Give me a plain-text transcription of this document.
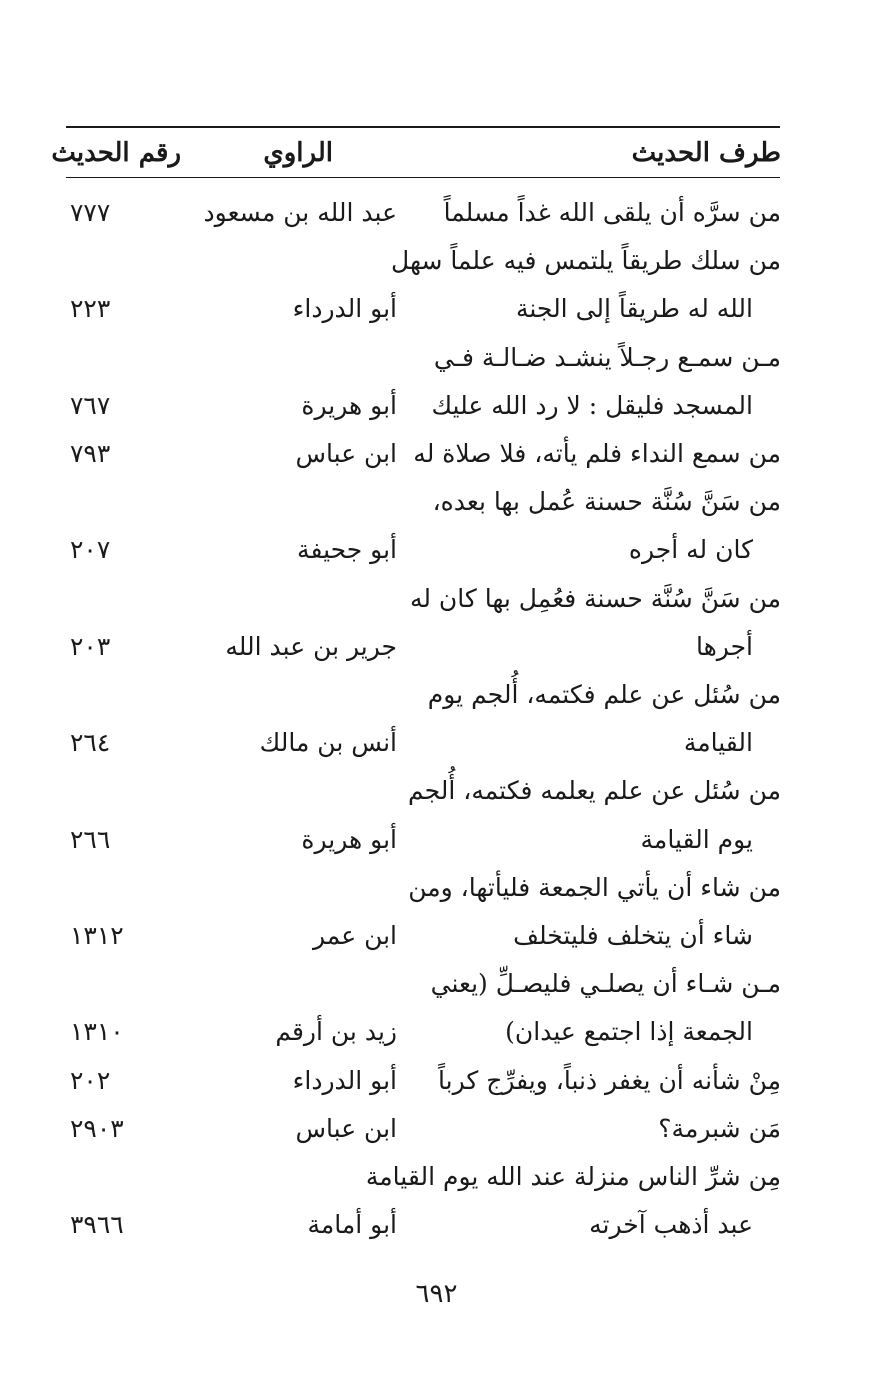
طرف الحديث
الراوي
رقم الحديث
من سرَّه أن يلقى الله غداً مسلماً
عبد الله بن مسعود
٧٧٧
من سلك طريقاً يلتمس فيه علماً سهل
الله له طريقاً إلى الجنة
أبو الدرداء
٢٢٣
مـن سمـع رجـلاً ينشـد ضـالـة فـي
المسجد فليقل : لا رد الله عليك
أبو هريرة
٧٦٧
من سمع النداء فلم يأته، فلا صلاة له
ابن عباس
٧٩٣
من سَنَّ سُنَّة حسنة عُمل بها بعده،
كان له أجره
أبو جحيفة
٢٠٧
من سَنَّ سُنَّة حسنة فعُمِل بها كان له
أجرها
جرير بن عبد الله
٢٠٣
من سُئل عن علم فكتمه، أُلجم يوم
القيامة
أنس بن مالك
٢٦٤
من سُئل عن علم يعلمه فكتمه، أُلجم
يوم القيامة
أبو هريرة
٢٦٦
من شاء أن يأتي الجمعة فليأتها، ومن
شاء أن يتخلف فليتخلف
ابن عمر
١٣١٢
مـن شـاء أن يصلـي فليصـلِّ (يعني
الجمعة إذا اجتمع عيدان)
زيد بن أرقم
١٣١٠
مِنْ شأنه أن يغفر ذنباً، ويفرِّج كرباً
أبو الدرداء
٢٠٢
مَن شبرمة؟
ابن عباس
٢٩٠٣
مِن شرِّ الناس منزلة عند الله يوم القيامة
عبد أذهب آخرته
أبو أمامة
٣٩٦٦
٦٩٢
